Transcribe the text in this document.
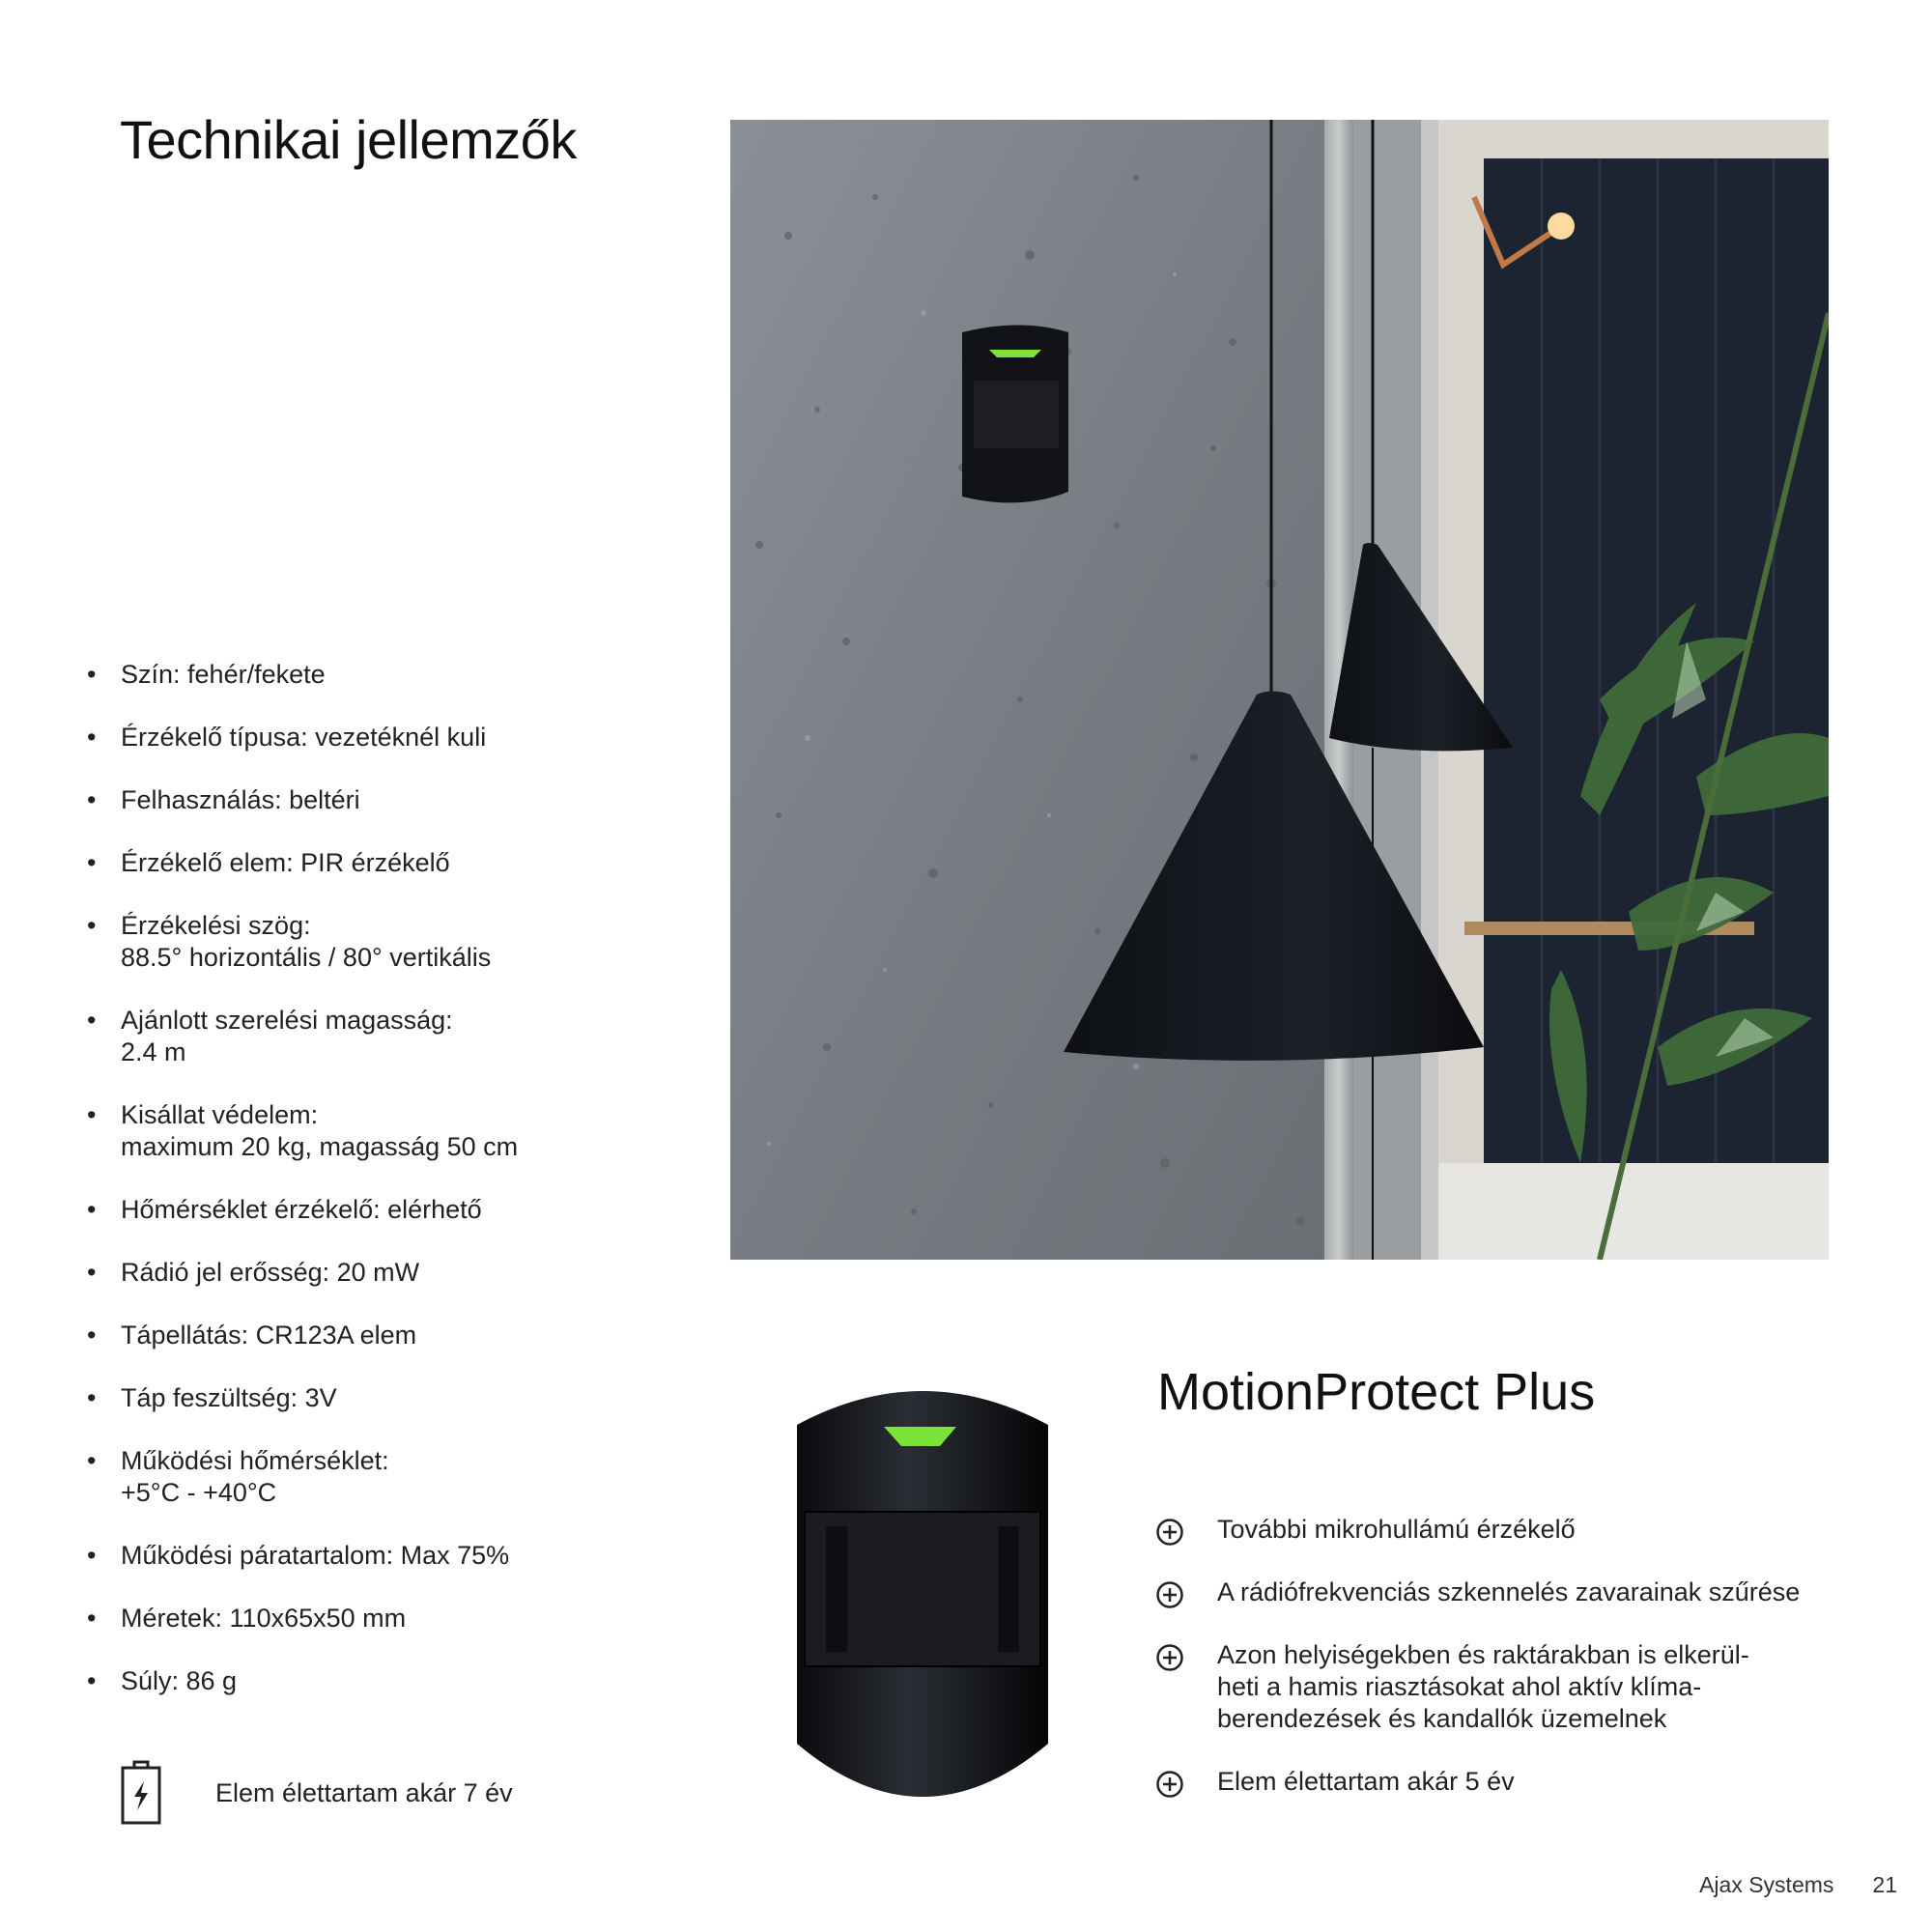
Technikai jellemzők
• Szín: fehér/fekete
• Érzékelő típusa: vezetéknél kuli
• Felhasználás: beltéri
• Érzékelő elem: PIR érzékelő
• Érzékelési szög:
88.5° horizontális / 80° vertikális
• Ajánlott szerelési magasság:
2.4 m
• Kisállat védelem:
maximum 20 kg, magasság 50 cm
• Hőmérséklet érzékelő: elérhető
• Rádió jel erősség: 20 mW
• Tápellátás: CR123A elem
• Táp feszültség: 3V
• Működési hőmérséklet:
+5°C - +40°C
• Működési páratartalom: Max 75%
• Méretek: 110x65x50 mm
• Súly: 86 g
Elem élettartam akár 7 év
MotionProtect Plus
További mikrohullámú érzékelő
A rádiófrekvenciás szkennelés zavarainak szűrése
Azon helyiségekben és raktárakban is elkerül-
heti a hamis riasztásokat ahol aktív klíma-
berendezések és kandallók üzemelnek
Elem élettartam akár 5 év
Ajax Systems 21
